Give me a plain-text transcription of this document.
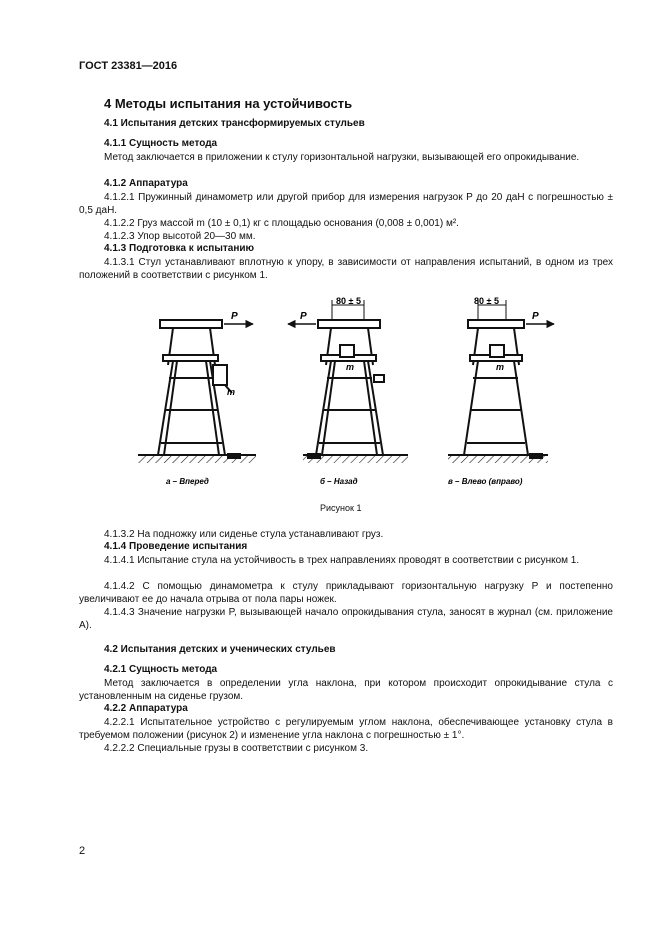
ГОСТ 23381—2016
4 Методы испытания на устойчивость
4.1 Испытания детских трансформируемых стульев
4.1.1 Сущность метода
Метод заключается в приложении к стулу горизонтальной нагрузки, вызывающей его опрокидывание.
4.1.2 Аппаратура
4.1.2.1 Пружинный динамометр или другой прибор для измерения нагрузок P до 20 даН с погрешностью ± 0,5 даН.
4.1.2.2 Груз массой m (10 ± 0,1) кг с площадью основания (0,008 ± 0,001) м².
4.1.2.3 Упор высотой 20—30 мм.
4.1.3 Подготовка к испытанию
4.1.3.1 Стул устанавливают вплотную к упору, в зависимости от направления испытаний, в одном из трех положений в соответствии с рисунком 1.
P
m
P
m
80 ± 5
P
m
80 ± 5
а – Вперед	б – Назад	в – Влево (вправо)
Рисунок 1
4.1.3.2 На подножку или сиденье стула устанавливают груз.
4.1.4 Проведение испытания
4.1.4.1 Испытание стула на устойчивость в трех направлениях проводят в соответствии с рисунком 1.
4.1.4.2 С помощью динамометра к стулу прикладывают горизонтальную нагрузку P и постепенно увеличивают ее до начала отрыва от пола пары ножек.
4.1.4.3 Значение нагрузки P, вызывающей начало опрокидывания стула, заносят в журнал (см. приложение А).
4.2 Испытания детских и ученических стульев
4.2.1 Сущность метода
Метод заключается в определении угла наклона, при котором происходит опрокидывание стула с установленным на сиденье грузом.
4.2.2 Аппаратура
4.2.2.1 Испытательное устройство с регулируемым углом наклона, обеспечивающее установку стула в требуемом положении (рисунок 2) и изменение угла наклона с погрешностью ± 1°.
4.2.2.2 Специальные грузы в соответствии с рисунком 3.
2
